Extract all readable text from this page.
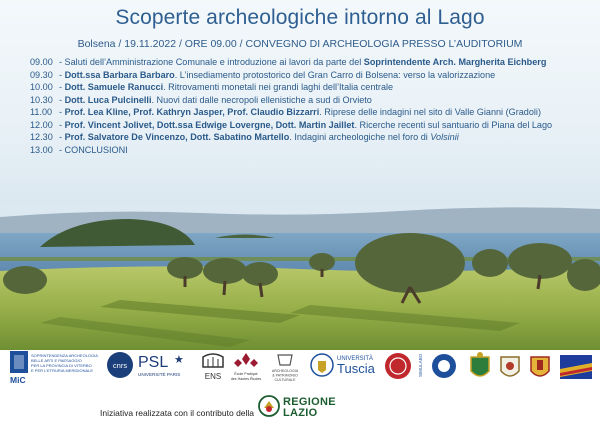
Scoperte archeologiche intorno al Lago
Bolsena / 19.11.2022 / ORE 09.00 / CONVEGNO DI ARCHEOLOGIA PRESSO L’AUDITORIUM
09.00 - Saluti dell’Amministrazione Comunale e introduzione ai lavori da parte del Soprintendente Arch. Margherita Eichberg
09.30 - Dott.ssa Barbara Barbaro. L’insediamento protostorico del Gran Carro di Bolsena: verso la valorizzazione
10.00 - Dott. Samuele Ranucci. Ritrovamenti monetali nei grandi laghi dell’Italia centrale
10.30 - Dott. Luca Pulcinelli. Nuovi dati dalle necropoli ellenistiche a sud di Orvieto
11.00 - Prof. Lea Kline, Prof. Kathryn Jasper, Prof. Claudio Bizzarri. Riprese delle indagini nel sito di Valle Gianni (Gradoli)
12.00 - Prof. Vincent Jolivet, Dott.ssa Edwige Lovergne, Dott. Martin Jaillet. Ricerche recenti sul santuario di Piana del Lago
12.30 - Prof. Salvatore De Vincenzo, Dott. Sabatino Martello. Indagini archeologiche nel foro di Volsinii
13.00 - CONCLUSIONI
MiC
SOPRINTENDENZA ARCHEOLOGIA
BELLE ARTI E PAESAGGIO
PER LA PROVINCIA DI VITERBO
E PER L’ETRURIA MERIDIONALE
cnrs PSL ★
UNIVERSITÉ PARIS	ENS	École Pratique
des Hautes Études
ARCHEOLOGIA
& PATRIMONIO
CULTURALE
UNIVERSITÀ
Tuscia	SIMULABO
Iniziativa realizzata con il contributo della
REGIONE
LAZIO
